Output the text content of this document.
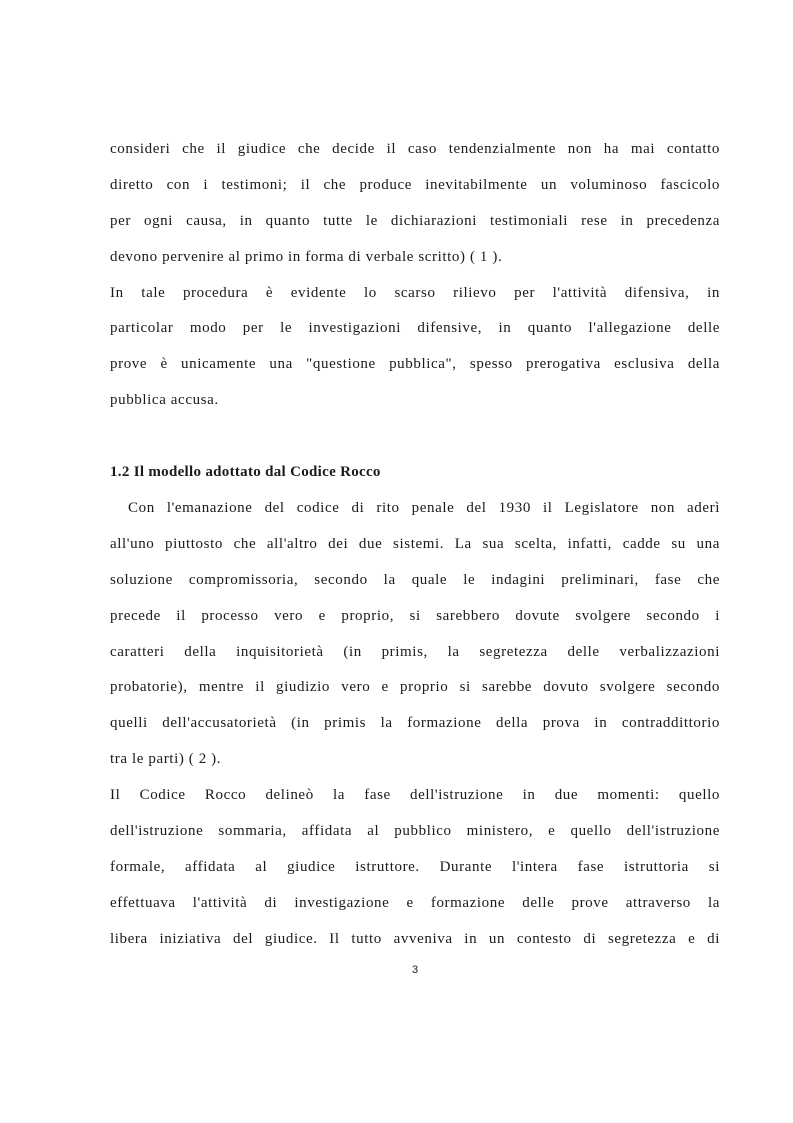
consideri che il giudice che decide il caso tendenzialmente non ha mai contatto
diretto con i testimoni; il che produce inevitabilmente un voluminoso fascicolo
per ogni causa, in quanto tutte le dichiarazioni testimoniali rese in precedenza
devono pervenire al primo in forma di verbale scritto) ( 1 ).
In tale procedura è evidente lo scarso rilievo per l'attività difensiva, in
particolar modo per le investigazioni difensive, in quanto l'allegazione delle
prove è unicamente una "questione pubblica", spesso prerogativa esclusiva della
pubblica accusa.
1.2 Il modello adottato dal Codice Rocco
Con l'emanazione del codice di rito penale del 1930 il Legislatore non aderì
all'uno piuttosto che all'altro dei due sistemi. La sua scelta, infatti, cadde su una
soluzione compromissoria, secondo la quale le indagini preliminari, fase che
precede il processo vero e proprio, si sarebbero dovute svolgere secondo i
caratteri della inquisitorietà (in primis, la segretezza delle verbalizzazioni
probatorie), mentre il giudizio vero e proprio si sarebbe dovuto svolgere secondo
quelli dell'accusatorietà (in primis la formazione della prova in contraddittorio
tra le parti) ( 2 ).
Il Codice Rocco delineò la fase dell'istruzione in due momenti: quello
dell'istruzione sommaria, affidata al pubblico ministero, e quello dell'istruzione
formale, affidata al giudice istruttore. Durante l'intera fase istruttoria si
effettuava l'attività di investigazione e formazione delle prove attraverso la
libera iniziativa del giudice. Il tutto avveniva in un contesto di segretezza e di
3
